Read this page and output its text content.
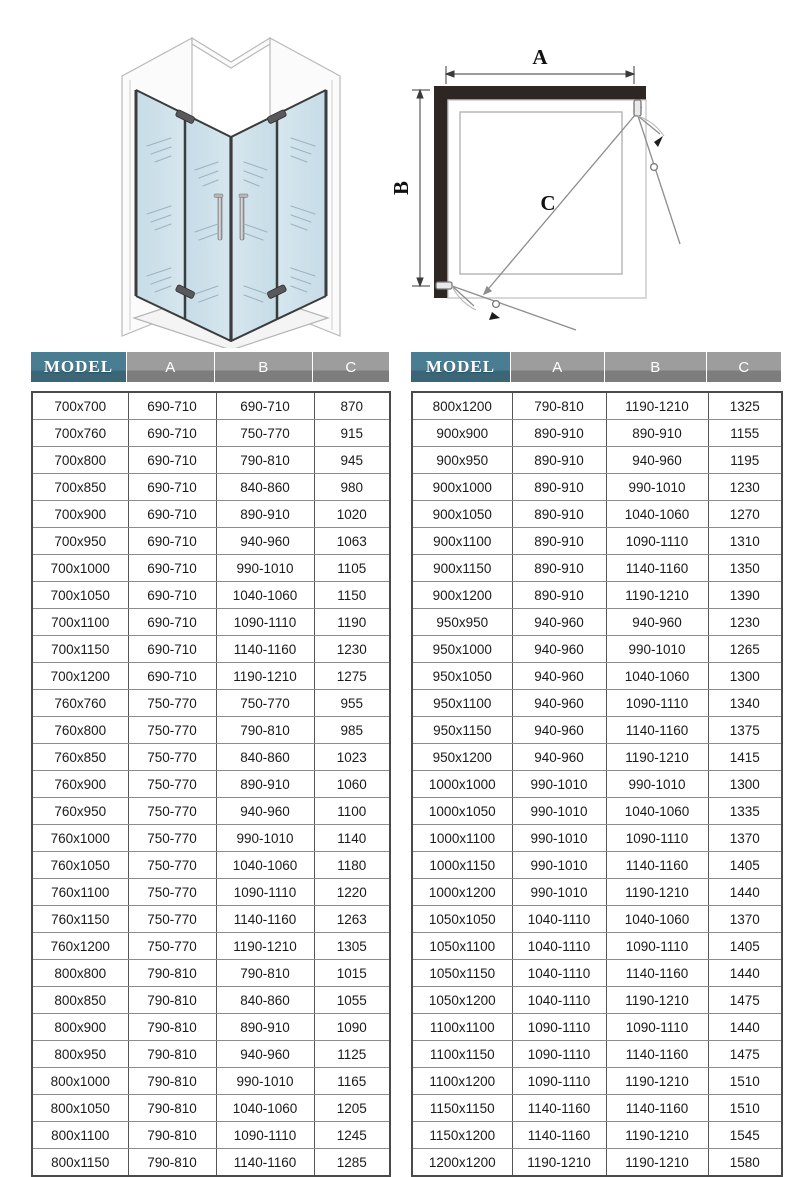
A
B
C
MODEL	A	B	C
700x700	690-710	690-710	870
700x760	690-710	750-770	915
700x800	690-710	790-810	945
700x850	690-710	840-860	980
700x900	690-710	890-910	1020
700x950	690-710	940-960	1063
700x1000	690-710	990-1010	1105
700x1050	690-710	1040-1060	1150
700x1100	690-710	1090-1110	1190
700x1150	690-710	1140-1160	1230
700x1200	690-710	1190-1210	1275
760x760	750-770	750-770	955
760x800	750-770	790-810	985
760x850	750-770	840-860	1023
760x900	750-770	890-910	1060
760x950	750-770	940-960	1100
760x1000	750-770	990-1010	1140
760x1050	750-770	1040-1060	1180
760x1100	750-770	1090-1110	1220
760x1150	750-770	1140-1160	1263
760x1200	750-770	1190-1210	1305
800x800	790-810	790-810	1015
800x850	790-810	840-860	1055
800x900	790-810	890-910	1090
800x950	790-810	940-960	1125
800x1000	790-810	990-1010	1165
800x1050	790-810	1040-1060	1205
800x1100	790-810	1090-1110	1245
800x1150	790-810	1140-1160	1285
MODEL	A	B	C
800x1200	790-810	1190-1210	1325
900x900	890-910	890-910	1155
900x950	890-910	940-960	1195
900x1000	890-910	990-1010	1230
900x1050	890-910	1040-1060	1270
900x1100	890-910	1090-1110	1310
900x1150	890-910	1140-1160	1350
900x1200	890-910	1190-1210	1390
950x950	940-960	940-960	1230
950x1000	940-960	990-1010	1265
950x1050	940-960	1040-1060	1300
950x1100	940-960	1090-1110	1340
950x1150	940-960	1140-1160	1375
950x1200	940-960	1190-1210	1415
1000x1000	990-1010	990-1010	1300
1000x1050	990-1010	1040-1060	1335
1000x1100	990-1010	1090-1110	1370
1000x1150	990-1010	1140-1160	1405
1000x1200	990-1010	1190-1210	1440
1050x1050	1040-1110	1040-1060	1370
1050x1100	1040-1110	1090-1110	1405
1050x1150	1040-1110	1140-1160	1440
1050x1200	1040-1110	1190-1210	1475
1100x1100	1090-1110	1090-1110	1440
1100x1150	1090-1110	1140-1160	1475
1100x1200	1090-1110	1190-1210	1510
1150x1150	1140-1160	1140-1160	1510
1150x1200	1140-1160	1190-1210	1545
1200x1200	1190-1210	1190-1210	1580
